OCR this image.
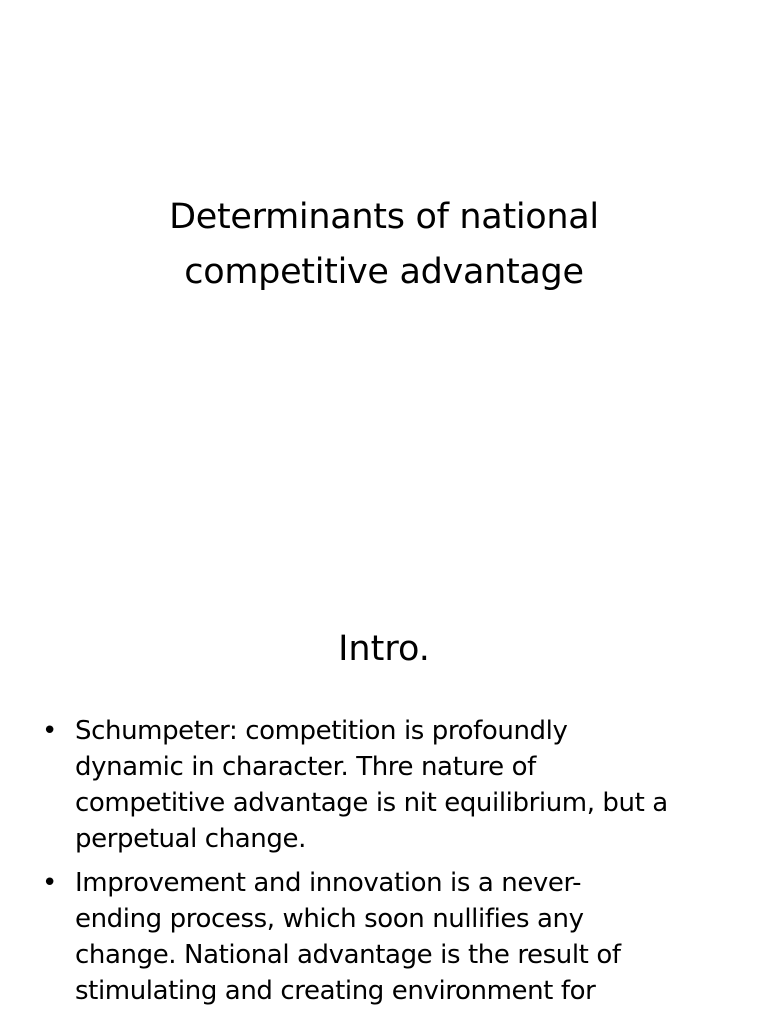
Determinants of national
competitive advantage
Intro.
• Schumpeter: competition is profoundly
dynamic in character. Thre nature of
competitive advantage is nit equilibrium, but a
perpetual change.
• Improvement and innovation is a never-
ending process, which soon nullifies any
change. National advantage is the result of
stimulating and creating environment for
